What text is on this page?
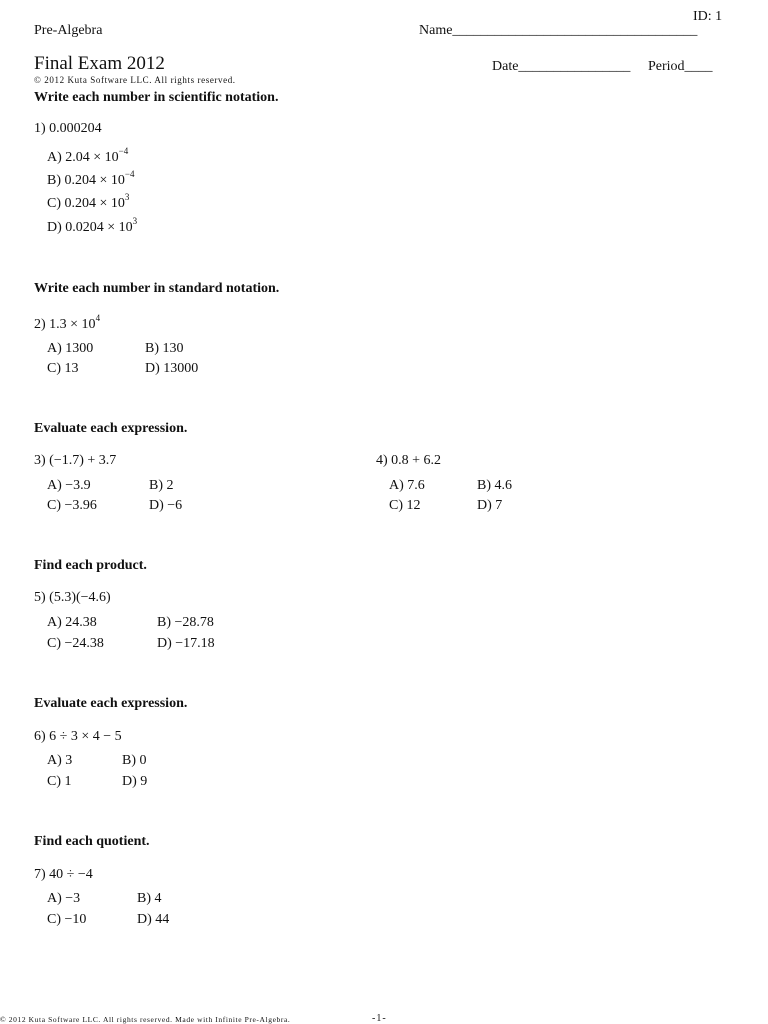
ID: 1
Pre-Algebra	Name___________________________________
Final Exam 2012	Date________________ Period____
© 2012 Kuta Software LLC. All rights reserved.
Write each number in scientific notation.
1) 0.000204
A) $2.04 \times 10^{-4}$
B) $0.204 \times 10^{-4}$
C) $0.204 \times 10^3$
D) $0.0204 \times 10^3$
Write each number in standard notation.
2) $1.3 \times 10^4$
A) 1300	B) 130
C) 13	D) 13000
Evaluate each expression.
3) (−1.7) + 3.7
A) −3.9	B) 2
C) −3.96	D) −6
4) 0.8 + 6.2
A) 7.6	B) 4.6
C) 12	D) 7
Find each product.
5) (5.3)(−4.6)
A) 24.38	B) −28.78
C) −24.38	D) −17.18
Evaluate each expression.
6) 6 ÷ 3 × 4 − 5
A) 3	B) 0
C) 1	D) 9
Find each quotient.
7) 40 ÷ −4
A) −3	B) 4
C) −10	D) 44
© 2012 Kuta Software LLC. All rights reserved. Made with Infinite Pre-Algebra.	-1-
